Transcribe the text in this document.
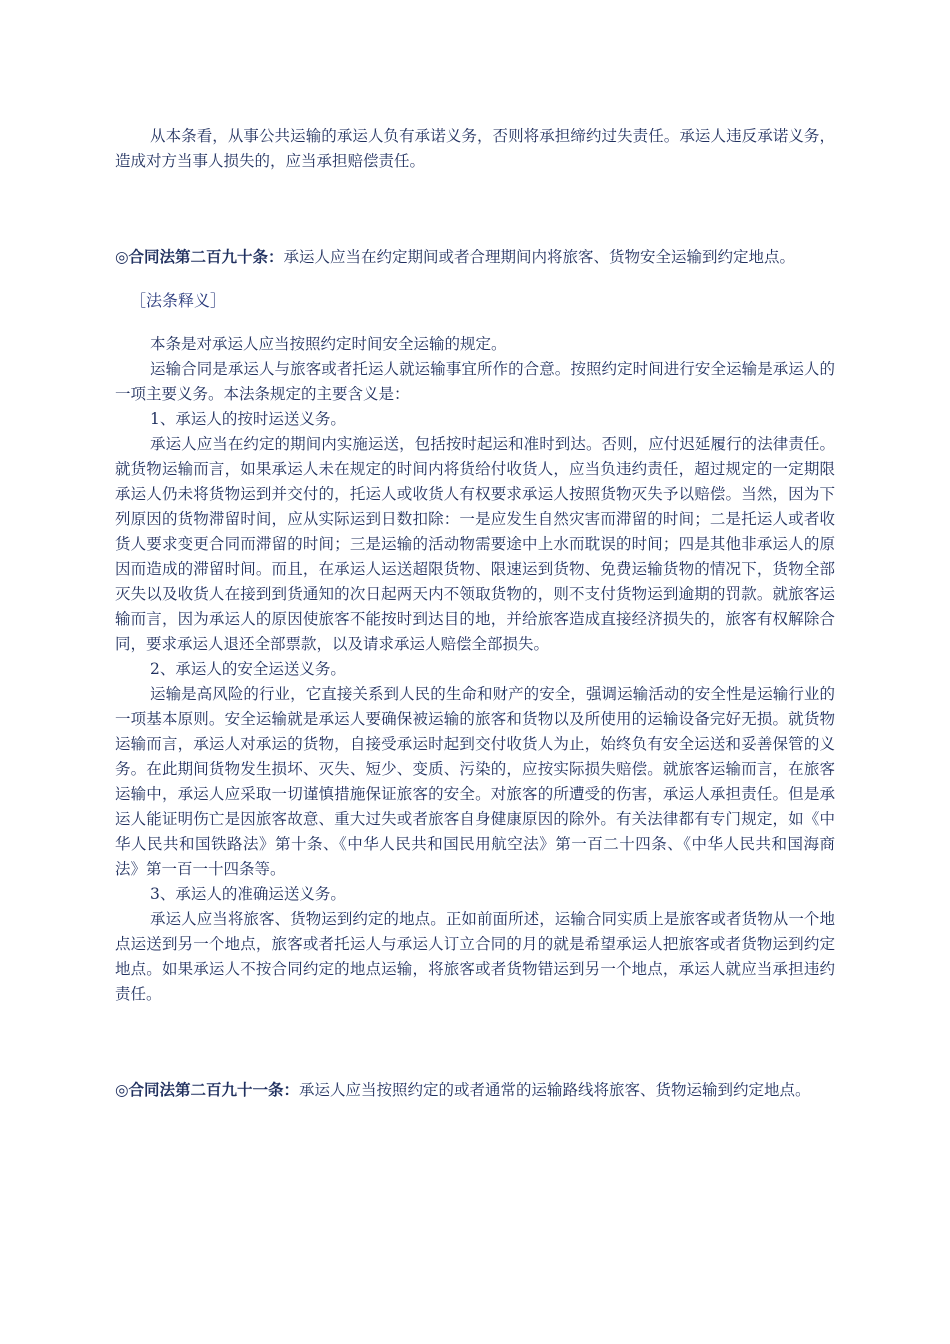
从本条看，从事公共运输的承运人负有承诺义务，否则将承担缔约过失责任。承运人违反承诺义务，造成对方当事人损失的，应当承担赔偿责任。

◎合同法第二百九十条：承运人应当在约定期间或者合理期间内将旅客、货物安全运输到约定地点。

［法条释义］

本条是对承运人应当按照约定时间安全运输的规定。

运输合同是承运人与旅客或者托运人就运输事宜所作的合意。按照约定时间进行安全运输是承运人的一项主要义务。本法条规定的主要含义是：

1、承运人的按时运送义务。

承运人应当在约定的期间内实施运送，包括按时起运和准时到达。否则，应付迟延履行的法律责任。就货物运输而言，如果承运人未在规定的时间内将货给付收货人，应当负违约责任，超过规定的一定期限承运人仍未将货物运到并交付的，托运人或收货人有权要求承运人按照货物灭失予以赔偿。当然，因为下列原因的货物滞留时间，应从实际运到日数扣除：一是应发生自然灾害而滞留的时间；二是托运人或者收货人要求变更合同而滞留的时间；三是运输的活动物需要途中上水而耽误的时间；四是其他非承运人的原因而造成的滞留时间。而且，在承运人运送超限货物、限速运到货物、免费运输货物的情况下，货物全部灭失以及收货人在接到到货通知的次日起两天内不领取货物的，则不支付货物运到逾期的罚款。就旅客运输而言，因为承运人的原因使旅客不能按时到达目的地，并给旅客造成直接经济损失的，旅客有权解除合同，要求承运人退还全部票款，以及请求承运人赔偿全部损失。

2、承运人的安全运送义务。

运输是高风险的行业，它直接关系到人民的生命和财产的安全，强调运输活动的安全性是运输行业的一项基本原则。安全运输就是承运人要确保被运输的旅客和货物以及所使用的运输设备完好无损。就货物运输而言，承运人对承运的货物，自接受承运时起到交付收货人为止，始终负有安全运送和妥善保管的义务。在此期间货物发生损坏、灭失、短少、变质、污染的，应按实际损失赔偿。就旅客运输而言，在旅客运输中，承运人应采取一切谨慎措施保证旅客的安全。对旅客的所遭受的伤害，承运人承担责任。但是承运人能证明伤亡是因旅客故意、重大过失或者旅客自身健康原因的除外。有关法律都有专门规定，如《中华人民共和国铁路法》第十条、《中华人民共和国民用航空法》第一百二十四条、《中华人民共和国海商法》第一百一十四条等。

3、承运人的准确运送义务。

承运人应当将旅客、货物运到约定的地点。正如前面所述，运输合同实质上是旅客或者货物从一个地点运送到另一个地点，旅客或者托运人与承运人订立合同的月的就是希望承运人把旅客或者货物运到约定地点。如果承运人不按合同约定的地点运输，将旅客或者货物错运到另一个地点，承运人就应当承担违约责任。

◎合同法第二百九十一条：承运人应当按照约定的或者通常的运输路线将旅客、货物运输到约定地点。
